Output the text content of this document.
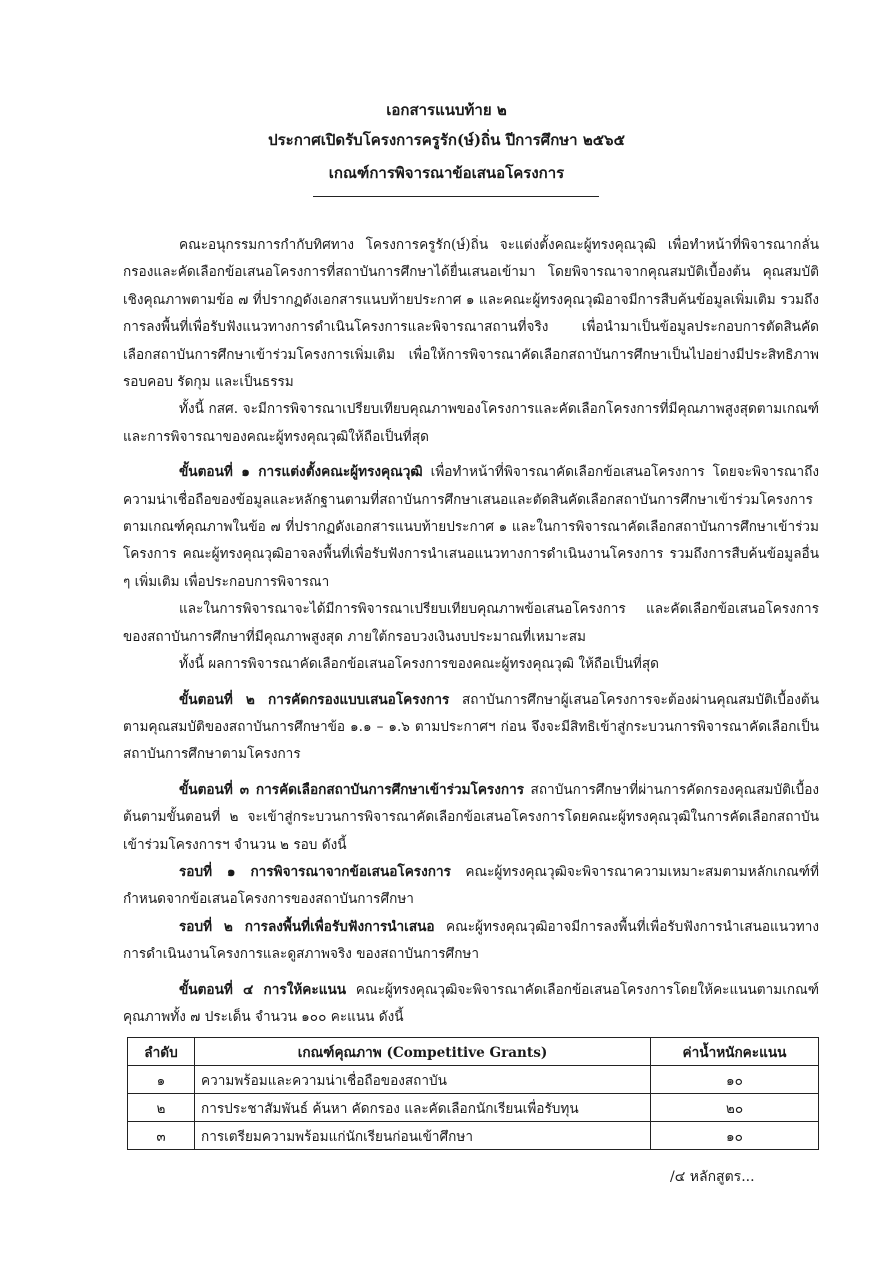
เอกสารแนบท้าย ๒
ประกาศเปิดรับโครงการครูรัก(ษ์)ถิ่น ปีการศึกษา ๒๕๖๕
เกณฑ์การพิจารณาข้อเสนอโครงการ

คณะอนุกรรมการกำกับทิศทาง โครงการครูรัก(ษ์)ถิ่น จะแต่งตั้งคณะผู้ทรงคุณวุฒิ เพื่อทำหน้าที่พิจารณากลั่นกรองและคัดเลือกข้อเสนอโครงการที่สถาบันการศึกษาได้ยื่นเสนอเข้ามา โดยพิจารณาจากคุณสมบัติเบื้องต้น คุณสมบัติเชิงคุณภาพตามข้อ ๗ ที่ปรากฏดังเอกสารแนบท้ายประกาศ ๑ และคณะผู้ทรงคุณวุฒิอาจมีการสืบค้นข้อมูลเพิ่มเติม รวมถึงการลงพื้นที่เพื่อรับฟังแนวทางการดำเนินโครงการและพิจารณาสถานที่จริง เพื่อนำมาเป็นข้อมูลประกอบการตัดสินคัดเลือกสถาบันการศึกษาเข้าร่วมโครงการเพิ่มเติม เพื่อให้การพิจารณาคัดเลือกสถาบันการศึกษาเป็นไปอย่างมีประสิทธิภาพ รอบคอบ รัดกุม และเป็นธรรม

ทั้งนี้ กสศ. จะมีการพิจารณาเปรียบเทียบคุณภาพของโครงการและคัดเลือกโครงการที่มีคุณภาพสูงสุดตามเกณฑ์และการพิจารณาของคณะผู้ทรงคุณวุฒิให้ถือเป็นที่สุด

ขั้นตอนที่ ๑ การแต่งตั้งคณะผู้ทรงคุณวุฒิ เพื่อทำหน้าที่พิจารณาคัดเลือกข้อเสนอโครงการ โดยจะพิจารณาถึงความน่าเชื่อถือของข้อมูลและหลักฐานตามที่สถาบันการศึกษาเสนอและตัดสินคัดเลือกสถาบันการศึกษาเข้าร่วมโครงการ ตามเกณฑ์คุณภาพในข้อ ๗ ที่ปรากฏดังเอกสารแนบท้ายประกาศ ๑ และในการพิจารณาคัดเลือกสถาบันการศึกษาเข้าร่วมโครงการ คณะผู้ทรงคุณวุฒิอาจลงพื้นที่เพื่อรับฟังการนำเสนอแนวทางการดำเนินงานโครงการ รวมถึงการสืบค้นข้อมูลอื่น ๆ เพิ่มเติม เพื่อประกอบการพิจารณา

และในการพิจารณาจะได้มีการพิจารณาเปรียบเทียบคุณภาพข้อเสนอโครงการ และคัดเลือกข้อเสนอโครงการของสถาบันการศึกษาที่มีคุณภาพสูงสุด ภายใต้กรอบวงเงินงบประมาณที่เหมาะสม

ทั้งนี้ ผลการพิจารณาคัดเลือกข้อเสนอโครงการของคณะผู้ทรงคุณวุฒิ ให้ถือเป็นที่สุด

ขั้นตอนที่ ๒ การคัดกรองแบบเสนอโครงการ สถาบันการศึกษาผู้เสนอโครงการจะต้องผ่านคุณสมบัติเบื้องต้นตามคุณสมบัติของสถาบันการศึกษาข้อ ๑.๑ – ๑.๖ ตามประกาศฯ ก่อน จึงจะมีสิทธิเข้าสู่กระบวนการพิจารณาคัดเลือกเป็นสถาบันการศึกษาตามโครงการ

ขั้นตอนที่ ๓ การคัดเลือกสถาบันการศึกษาเข้าร่วมโครงการ สถาบันการศึกษาที่ผ่านการคัดกรองคุณสมบัติเบื้องต้นตามขั้นตอนที่ ๒ จะเข้าสู่กระบวนการพิจารณาคัดเลือกข้อเสนอโครงการโดยคณะผู้ทรงคุณวุฒิในการคัดเลือกสถาบันเข้าร่วมโครงการฯ จำนวน ๒ รอบ ดังนี้

รอบที่ ๑ การพิจารณาจากข้อเสนอโครงการ คณะผู้ทรงคุณวุฒิจะพิจารณาความเหมาะสมตามหลักเกณฑ์ที่กำหนดจากข้อเสนอโครงการของสถาบันการศึกษา

รอบที่ ๒ การลงพื้นที่เพื่อรับฟังการนำเสนอ คณะผู้ทรงคุณวุฒิอาจมีการลงพื้นที่เพื่อรับฟังการนำเสนอแนวทางการดำเนินงานโครงการและดูสภาพจริง ของสถาบันการศึกษา

ขั้นตอนที่ ๔ การให้คะแนน คณะผู้ทรงคุณวุฒิจะพิจารณาคัดเลือกข้อเสนอโครงการโดยให้คะแนนตามเกณฑ์คุณภาพทั้ง ๗ ประเด็น จำนวน ๑๐๐ คะแนน ดังนี้

ลำดับ	เกณฑ์คุณภาพ (Competitive Grants)	ค่าน้ำหนักคะแนน
๑	ความพร้อมและความน่าเชื่อถือของสถาบัน	๑๐
๒	การประชาสัมพันธ์ ค้นหา คัดกรอง และคัดเลือกนักเรียนเพื่อรับทุน	๒๐
๓	การเตรียมความพร้อมแก่นักเรียนก่อนเข้าศึกษา	๑๐
/๔ หลักสูตร...
